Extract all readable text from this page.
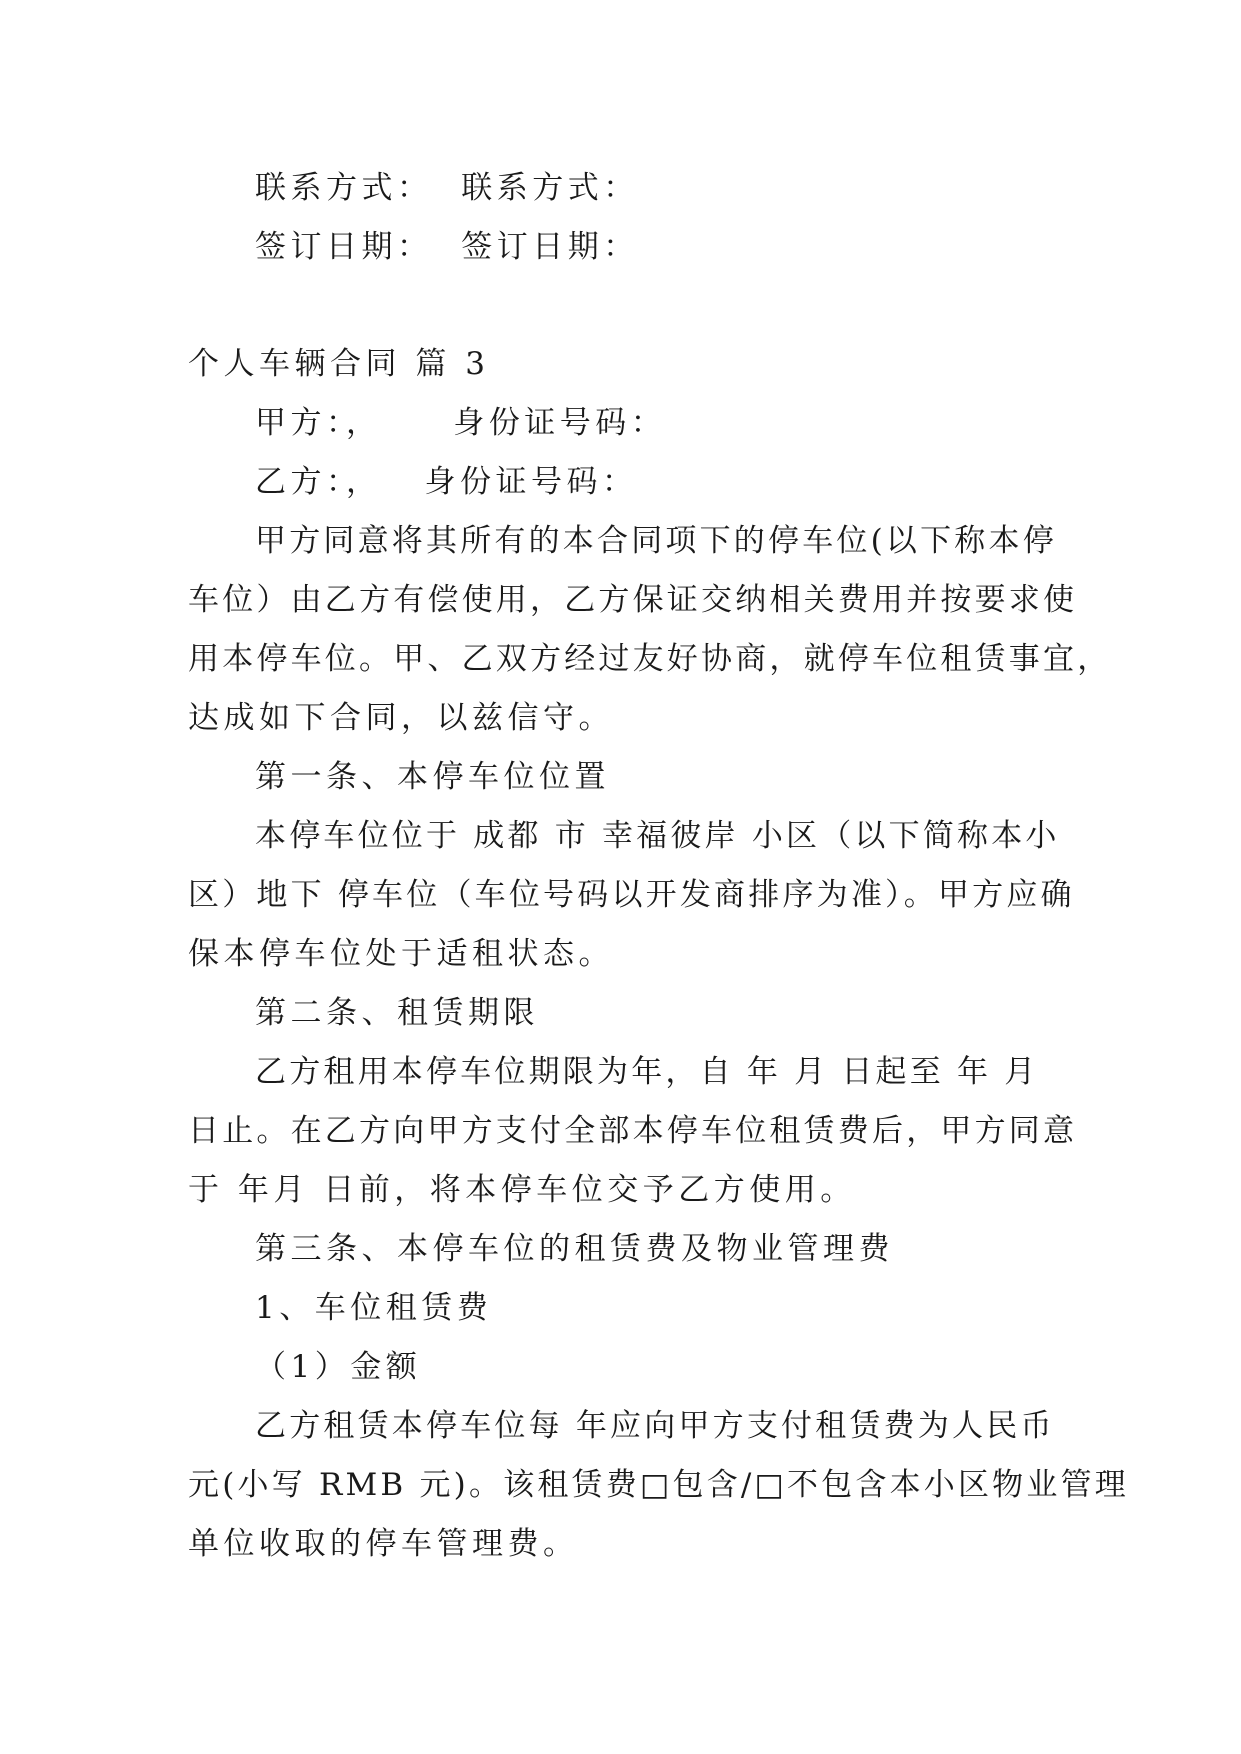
联系方式：  联系方式：
签订日期：  签订日期：
个人车辆合同 篇 3
甲方：，     身份证号码：
乙方：，   身份证号码：
甲方同意将其所有的本合同项下的停车位(以下称本停
车位）由乙方有偿使用，乙方保证交纳相关费用并按要求使
用本停车位。甲、乙双方经过友好协商，就停车位租赁事宜，
达成如下合同，以兹信守。
第一条、本停车位位置
本停车位位于 成都 市 幸福彼岸 小区（以下简称本小
区）地下 停车位（车位号码以开发商排序为准）。甲方应确
保本停车位处于适租状态。
第二条、租赁期限
乙方租用本停车位期限为年，自 年 月 日起至 年 月
日止。在乙方向甲方支付全部本停车位租赁费后，甲方同意
于 年月 日前，将本停车位交予乙方使用。
第三条、本停车位的租赁费及物业管理费
1、车位租赁费
（1）金额
乙方租赁本停车位每 年应向甲方支付租赁费为人民币
元(小写 RMB 元)。该租赁费□包含/□不包含本小区物业管理
单位收取的停车管理费。
